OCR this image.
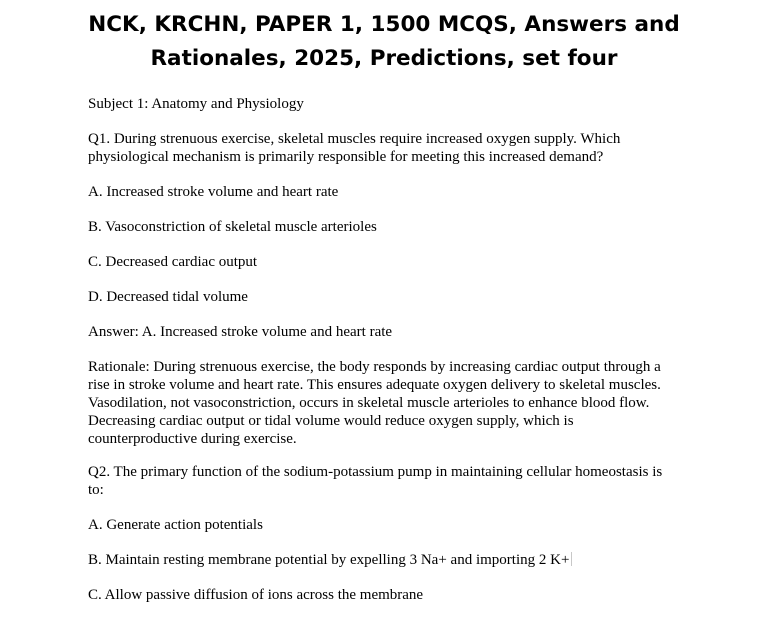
NCK, KRCHN, PAPER 1, 1500 MCQS, Answers and
Rationales, 2025, Predictions, set four

Subject 1: Anatomy and Physiology

Q1. During strenuous exercise, skeletal muscles require increased oxygen supply. Which physiological mechanism is primarily responsible for meeting this increased demand?

A. Increased stroke volume and heart rate

B. Vasoconstriction of skeletal muscle arterioles

C. Decreased cardiac output

D. Decreased tidal volume

Answer: A. Increased stroke volume and heart rate

Rationale: During strenuous exercise, the body responds by increasing cardiac output through a rise in stroke volume and heart rate. This ensures adequate oxygen delivery to skeletal muscles. Vasodilation, not vasoconstriction, occurs in skeletal muscle arterioles to enhance blood flow. Decreasing cardiac output or tidal volume would reduce oxygen supply, which is counterproductive during exercise.

Q2. The primary function of the sodium-potassium pump in maintaining cellular homeostasis is to:

A. Generate action potentials

B. Maintain resting membrane potential by expelling 3 Na+ and importing 2 K+

C. Allow passive diffusion of ions across the membrane
